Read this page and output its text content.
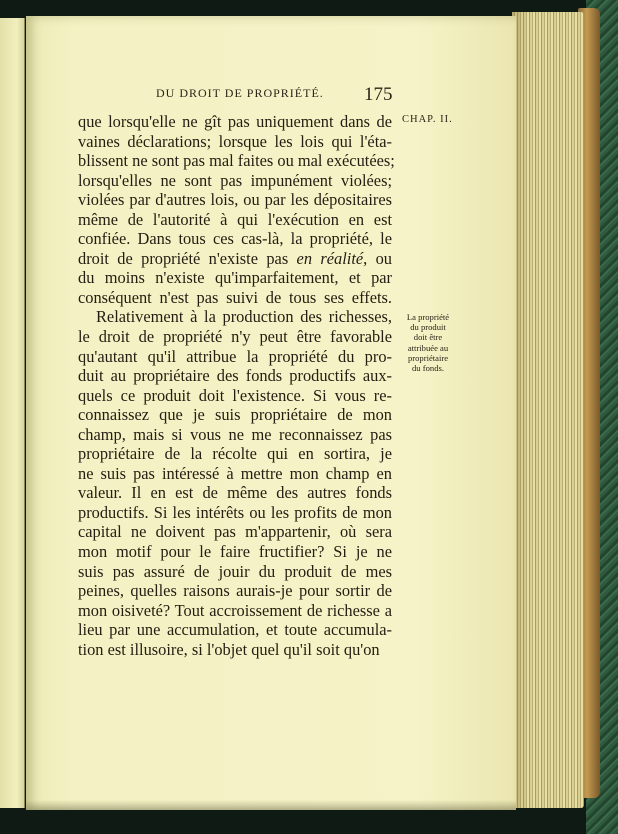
DU DROIT DE PROPRIÉTÉ. 175
CHAP. II.
que lorsqu'elle ne gît pas uniquement dans de
vaines déclarations; lorsque les lois qui l'éta-
blissent ne sont pas mal faites ou mal exécutées;
lorsqu'elles ne sont pas impunément violées;
violées par d'autres lois, ou par les dépositaires
même de l'autorité à qui l'exécution en est
confiée. Dans tous ces cas-là, la propriété, le
droit de propriété n'existe pas en réalité, ou
du moins n'existe qu'imparfaitement, et par
conséquent n'est pas suivi de tous ses effets.
Relativement à la production des richesses,
le droit de propriété n'y peut être favorable
qu'autant qu'il attribue la propriété du pro-
duit au propriétaire des fonds productifs aux-
quels ce produit doit l'existence. Si vous re-
connaissez que je suis propriétaire de mon
champ, mais si vous ne me reconnaissez pas
propriétaire de la récolte qui en sortira, je
ne suis pas intéressé à mettre mon champ en
valeur. Il en est de même des autres fonds
productifs. Si les intérêts ou les profits de mon
capital ne doivent pas m'appartenir, où sera
mon motif pour le faire fructifier? Si je ne
suis pas assuré de jouir du produit de mes
peines, quelles raisons aurais-je pour sortir de
mon oisiveté? Tout accroissement de richesse a
lieu par une accumulation, et toute accumula-
tion est illusoire, si l'objet quel qu'il soit qu'on
La propriété
du produit
doit être
attribuée au
propriétaire
du fonds.
